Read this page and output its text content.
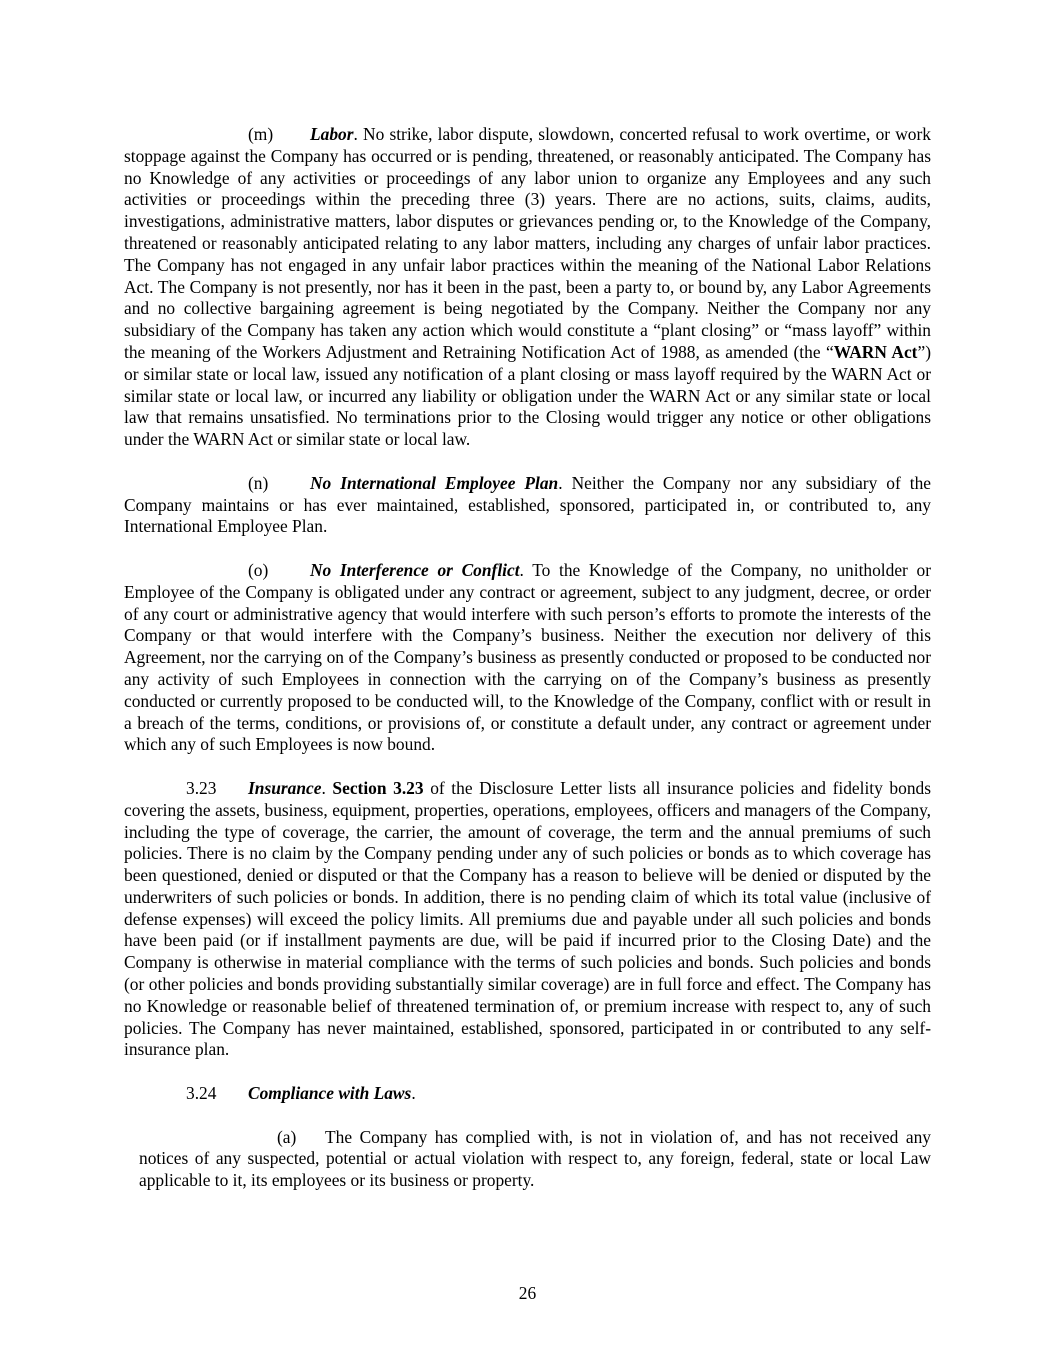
(m) Labor. No strike, labor dispute, slowdown, concerted refusal to work overtime, or work stoppage against the Company has occurred or is pending, threatened, or reasonably anticipated. The Company has no Knowledge of any activities or proceedings of any labor union to organize any Employees and any such activities or proceedings within the preceding three (3) years. There are no actions, suits, claims, audits, investigations, administrative matters, labor disputes or grievances pending or, to the Knowledge of the Company, threatened or reasonably anticipated relating to any labor matters, including any charges of unfair labor practices. The Company has not engaged in any unfair labor practices within the meaning of the National Labor Relations Act. The Company is not presently, nor has it been in the past, been a party to, or bound by, any Labor Agreements and no collective bargaining agreement is being negotiated by the Company. Neither the Company nor any subsidiary of the Company has taken any action which would constitute a “plant closing” or “mass layoff” within the meaning of the Workers Adjustment and Retraining Notification Act of 1988, as amended (the “WARN Act”) or similar state or local law, issued any notification of a plant closing or mass layoff required by the WARN Act or similar state or local law, or incurred any liability or obligation under the WARN Act or any similar state or local law that remains unsatisfied. No terminations prior to the Closing would trigger any notice or other obligations under the WARN Act or similar state or local law.

(n) No International Employee Plan. Neither the Company nor any subsidiary of the Company maintains or has ever maintained, established, sponsored, participated in, or contributed to, any International Employee Plan.

(o) No Interference or Conflict. To the Knowledge of the Company, no unitholder or Employee of the Company is obligated under any contract or agreement, subject to any judgment, decree, or order of any court or administrative agency that would interfere with such person’s efforts to promote the interests of the Company or that would interfere with the Company’s business. Neither the execution nor delivery of this Agreement, nor the carrying on of the Company’s business as presently conducted or proposed to be conducted nor any activity of such Employees in connection with the carrying on of the Company’s business as presently conducted or currently proposed to be conducted will, to the Knowledge of the Company, conflict with or result in a breach of the terms, conditions, or provisions of, or constitute a default under, any contract or agreement under which any of such Employees is now bound.

3.23 Insurance. Section 3.23 of the Disclosure Letter lists all insurance policies and fidelity bonds covering the assets, business, equipment, properties, operations, employees, officers and managers of the Company, including the type of coverage, the carrier, the amount of coverage, the term and the annual premiums of such policies. There is no claim by the Company pending under any of such policies or bonds as to which coverage has been questioned, denied or disputed or that the Company has a reason to believe will be denied or disputed by the underwriters of such policies or bonds. In addition, there is no pending claim of which its total value (inclusive of defense expenses) will exceed the policy limits. All premiums due and payable under all such policies and bonds have been paid (or if installment payments are due, will be paid if incurred prior to the Closing Date) and the Company is otherwise in material compliance with the terms of such policies and bonds. Such policies and bonds (or other policies and bonds providing substantially similar coverage) are in full force and effect. The Company has no Knowledge or reasonable belief of threatened termination of, or premium increase with respect to, any of such policies. The Company has never maintained, established, sponsored, participated in or contributed to any self-insurance plan.

3.24 Compliance with Laws.

(a) The Company has complied with, is not in violation of, and has not received any notices of any suspected, potential or actual violation with respect to, any foreign, federal, state or local Law applicable to it, its employees or its business or property.

26
